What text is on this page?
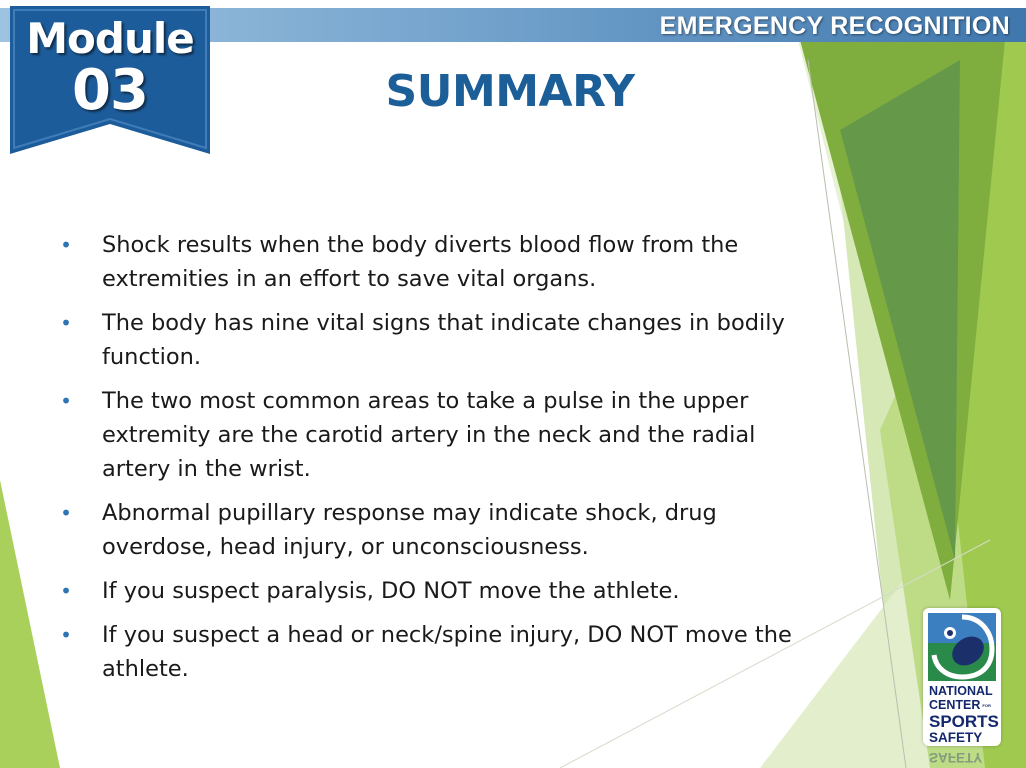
EMERGENCY RECOGNITION
Module
03	SUMMARY
• Shock results when the body diverts blood flow from the extremities in an effort to save vital organs.
• The body has nine vital signs that indicate changes in bodily function.
• The two most common areas to take a pulse in the upper extremity are the carotid artery in the neck and the radial artery in the wrist.
• Abnormal pupillary response may indicate shock, drug overdose, head injury, or unconsciousness.
• If you suspect paralysis, DO NOT move the athlete.
• If you suspect a head or neck/spine injury, DO NOT move the athlete.
NATIONAL
CENTER FOR
SPORTS
SAFETY
SAFETY
